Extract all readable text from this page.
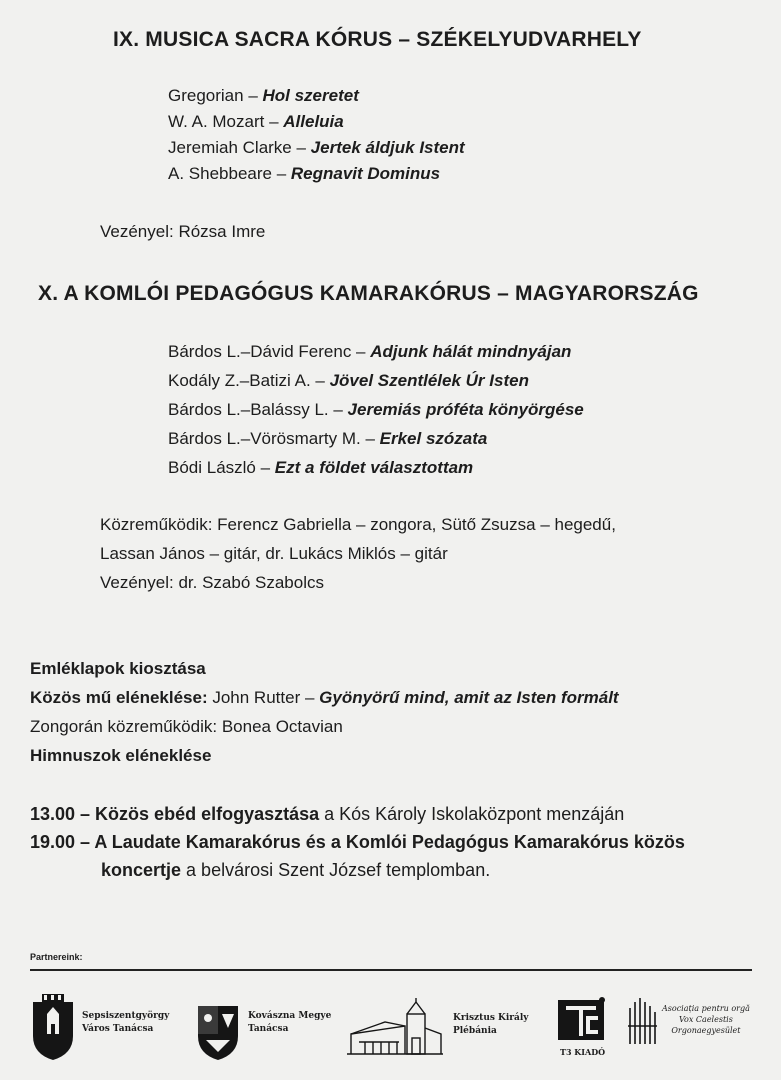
IX. MUSICA SACRA KÓRUS – SZÉKELYUDVARHELY
Gregorian – Hol szeretet
W. A. Mozart – Alleluia
Jeremiah Clarke – Jertek áldjuk Istent
A. Shebbeare – Regnavit Dominus
Vezényel: Rózsa Imre
X. A KOMLÓI PEDAGÓGUS KAMARAKÓRUS – MAGYARORSZÁG
Bárdos L.–Dávid Ferenc – Adjunk hálát mindnyájan
Kodály Z.–Batizi A. – Jövel Szentlélek Úr Isten
Bárdos L.–Balássy L. – Jeremiás próféta könyörgése
Bárdos L.–Vörösmarty M. – Erkel szózata
Bódi László – Ezt a földet választottam
Közreműködik: Ferencz Gabriella – zongora, Sütő Zsuzsa – hegedű,
Lassan János – gitár, dr. Lukács Miklós – gitár
Vezényel: dr. Szabó Szabolcs
Emléklapok kiosztása
Közös mű eléneklése: John Rutter – Gyönyörű mind, amit az Isten formált
Zongorán közreműködik: Bonea Octavian
Himnuszok eléneklése
13.00 – Közös ebéd elfogyasztása a Kós Károly Iskolaközpont menzáján
19.00 – A Laudate Kamarakórus és a Komlói Pedagógus Kamarakórus közös
koncertje a belvárosi Szent József templomban.
Partnereink:
Sepsiszentgyörgy
Város Tanácsa
Kovászna Megye
Tanácsa
Krisztus Király
Plébánia
T3 KIADÓ
Asociația pentru orgă
Vox Caelestis
Orgonaegyesület
